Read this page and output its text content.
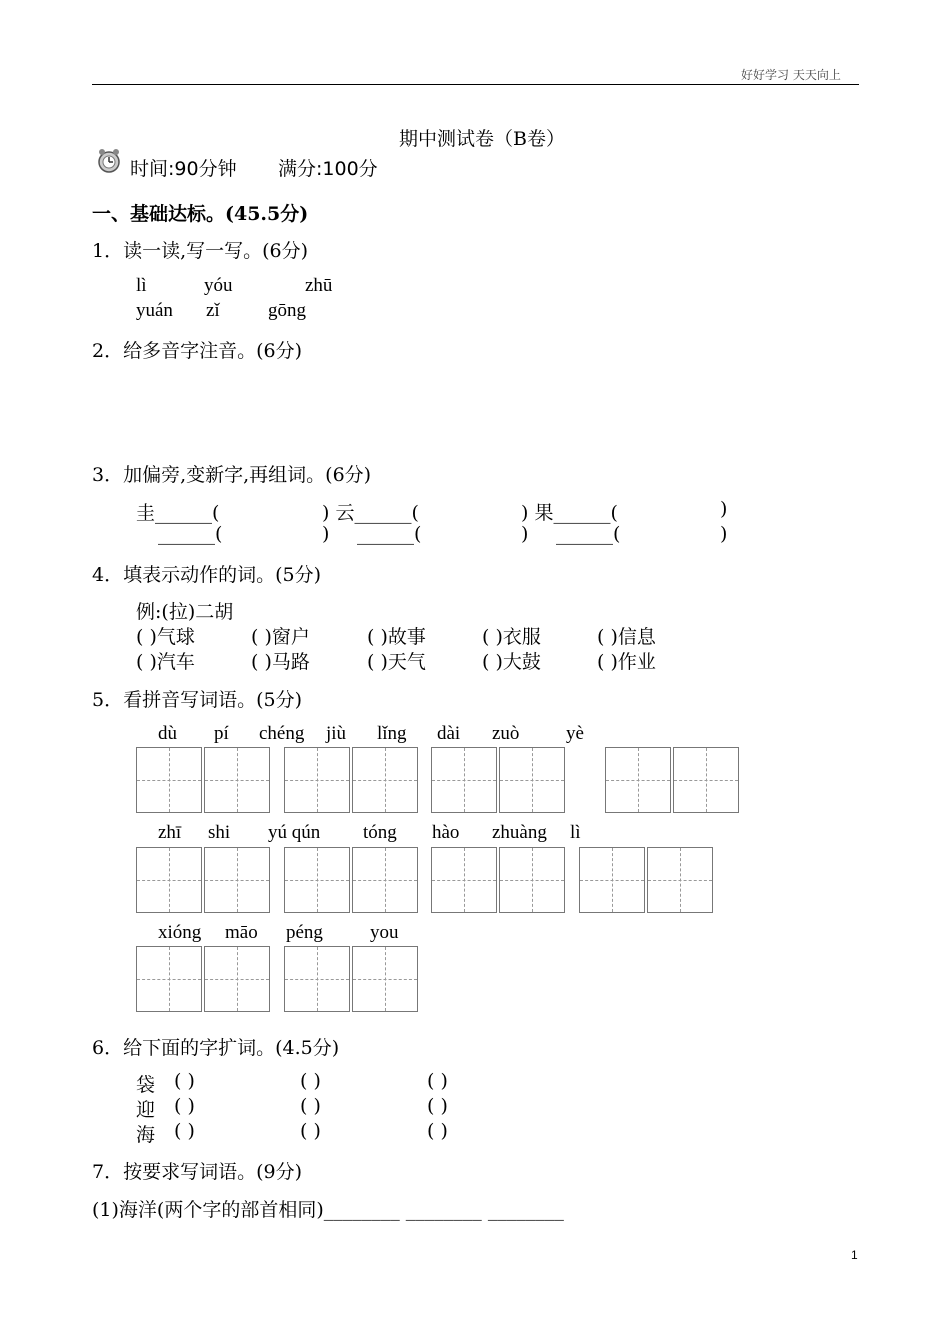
好好学习 天天向上
期中测试卷（B卷）
时间:90分钟 满分:100分
一、基础达标。(45.5分)
1．读一读,写一写。(6分)
lì	yóu	zhū
yuán zǐ	gōng
2．给多音字注音。(6分)
3．加偏旁,变新字,再组词。(6分)
圭______(	) 云______(	) 果______(	)
______(	) ______(	) ______(	)
4．填表示动作的词。(5分)
例:(拉)二胡
( )气球	( )窗户	( )故事	( )衣服	( )信息
( )汽车	( )马路	( )天气	( )大鼓	( )作业
5．看拼音写词语。(5分)
dù pí chéng jiù lǐng dài zuò yè
zhī shi yú qún tóng hào zhuàng lì
xióng māo péng you
6．给下面的字扩词。(4.5分)
袋 ( )	( )	( )
迎 ( )	( )	( )
海 ( )	( )	( )
7．按要求写词语。(9分)
(1)海洋(两个字的部首相同)________ ________ ________
1
